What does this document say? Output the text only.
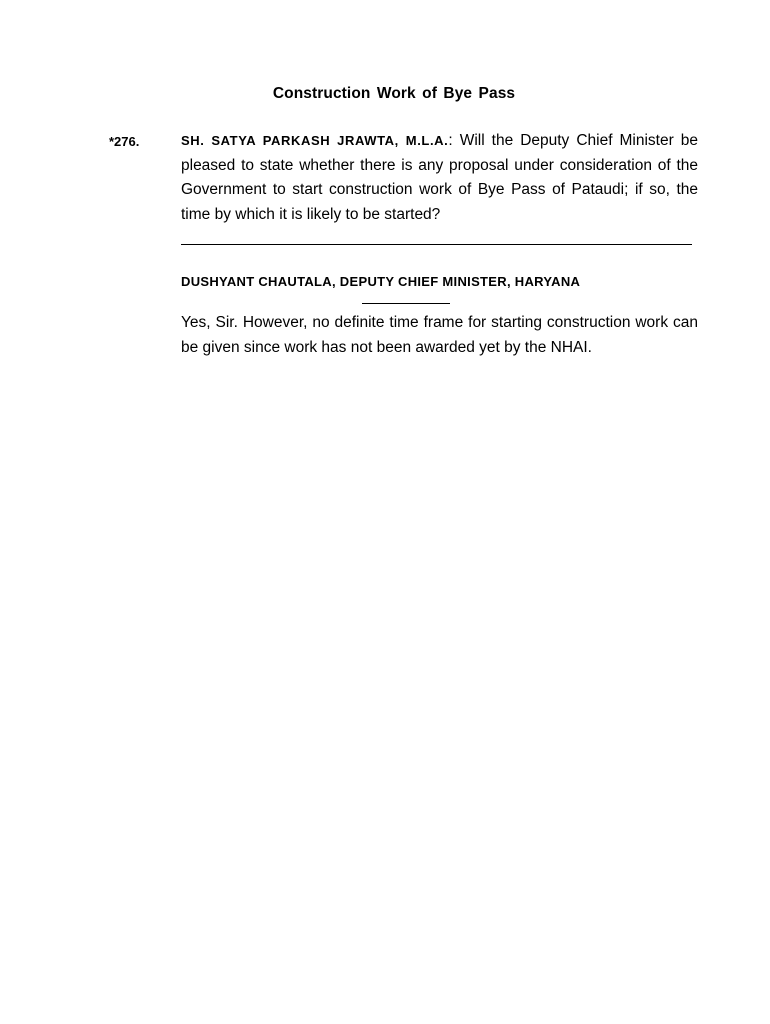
Construction Work of Bye Pass
*276.	SH. SATYA PARKASH JRAWTA, M.L.A.: Will the Deputy Chief Minister be pleased to state whether there is any proposal under consideration of the Government to start construction work of Bye Pass of Pataudi; if so, the time by which it is likely to be started?
DUSHYANT CHAUTALA, DEPUTY CHIEF MINISTER, HARYANA
Yes, Sir. However, no definite time frame for starting construction work can be given since work has not been awarded yet by the NHAI.
